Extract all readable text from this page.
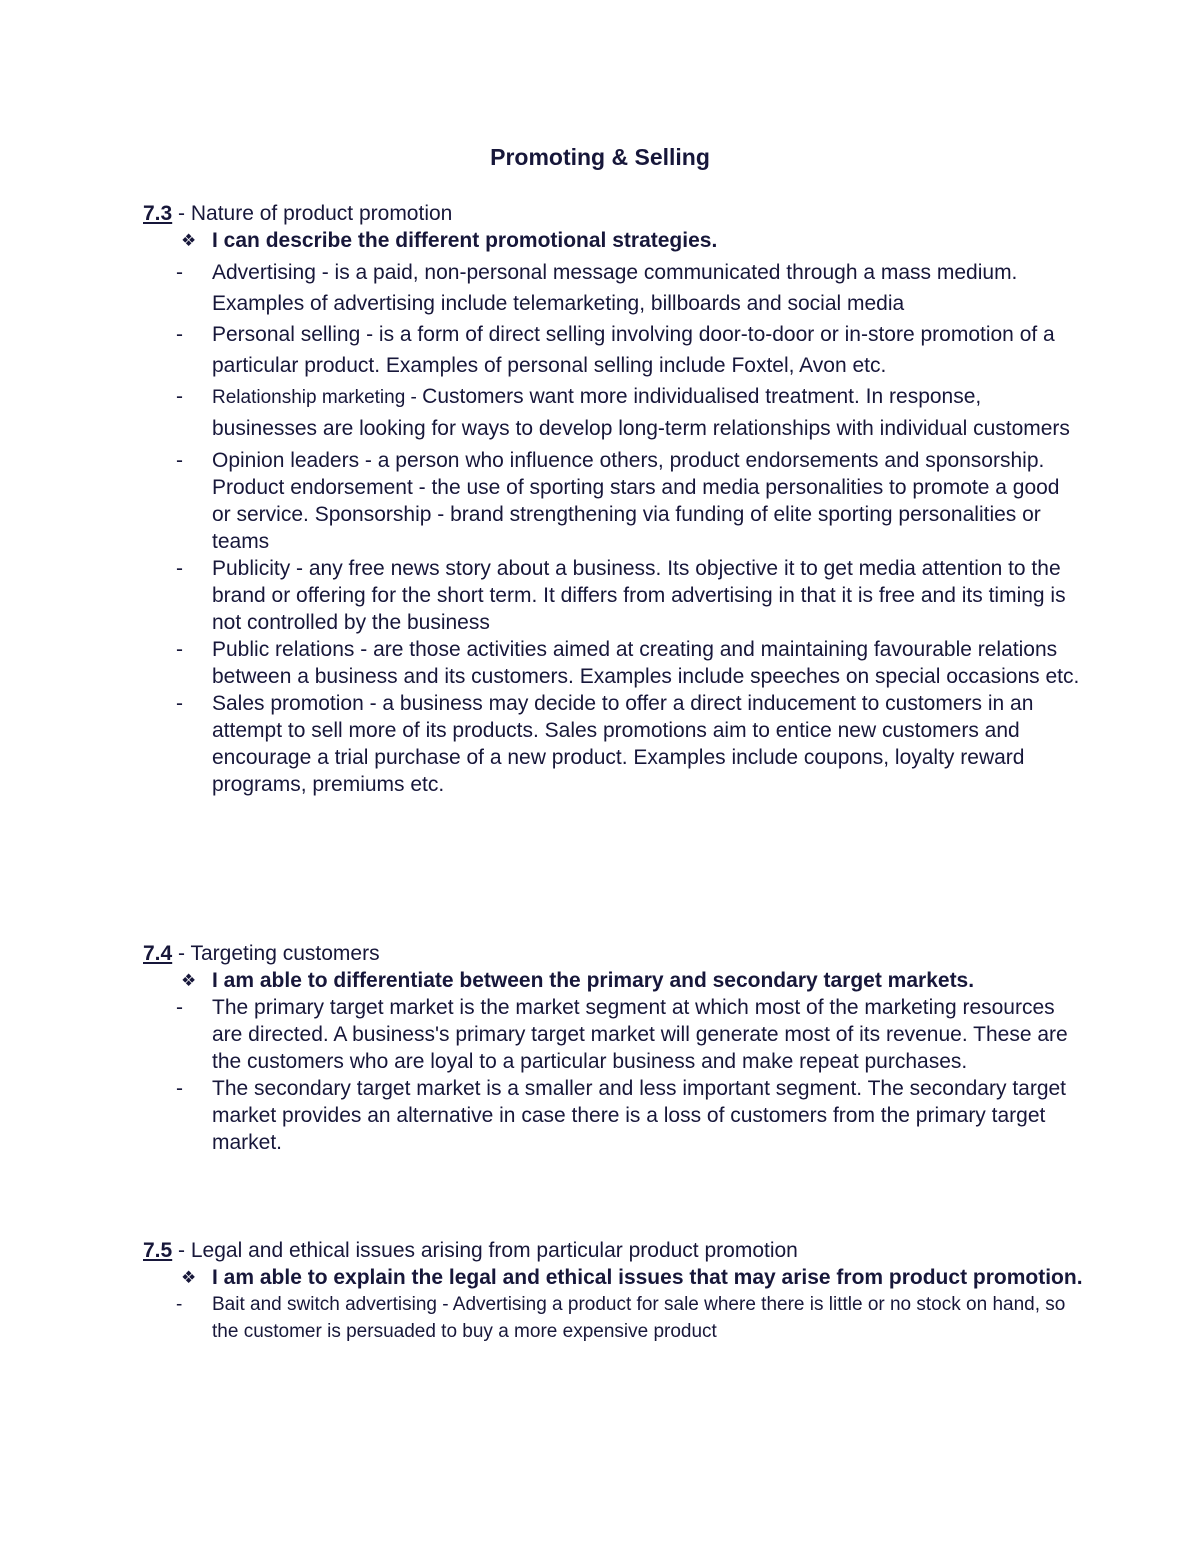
Promoting & Selling
7.3 - Nature of product promotion
❖ I can describe the different promotional strategies.
- Advertising - is a paid, non-personal message communicated through a mass medium. Examples of advertising include telemarketing, billboards and social media
- Personal selling - is a form of direct selling involving door-to-door or in-store promotion of a particular product. Examples of personal selling include Foxtel, Avon etc.
- Relationship marketing - Customers want more individualised treatment. In response, businesses are looking for ways to develop long-term relationships with individual customers
- Opinion leaders - a person who influence others, product endorsements and sponsorship. Product endorsement - the use of sporting stars and media personalities to promote a good or service. Sponsorship - brand strengthening via funding of elite sporting personalities or teams
- Publicity - any free news story about a business. Its objective it to get media attention to the brand or offering for the short term. It differs from advertising in that it is free and its timing is not controlled by the business
- Public relations - are those activities aimed at creating and maintaining favourable relations between a business and its customers. Examples include speeches on special occasions etc.
- Sales promotion - a business may decide to offer a direct inducement to customers in an attempt to sell more of its products. Sales promotions aim to entice new customers and encourage a trial purchase of a new product. Examples include coupons, loyalty reward programs, premiums etc.
7.4 - Targeting customers
❖ I am able to differentiate between the primary and secondary target markets.
- The primary target market is the market segment at which most of the marketing resources are directed. A business's primary target market will generate most of its revenue. These are the customers who are loyal to a particular business and make repeat purchases.
- The secondary target market is a smaller and less important segment. The secondary target market provides an alternative in case there is a loss of customers from the primary target market.
7.5 - Legal and ethical issues arising from particular product promotion
❖ I am able to explain the legal and ethical issues that may arise from product promotion.
- Bait and switch advertising - Advertising a product for sale where there is little or no stock on hand, so the customer is persuaded to buy a more expensive product
